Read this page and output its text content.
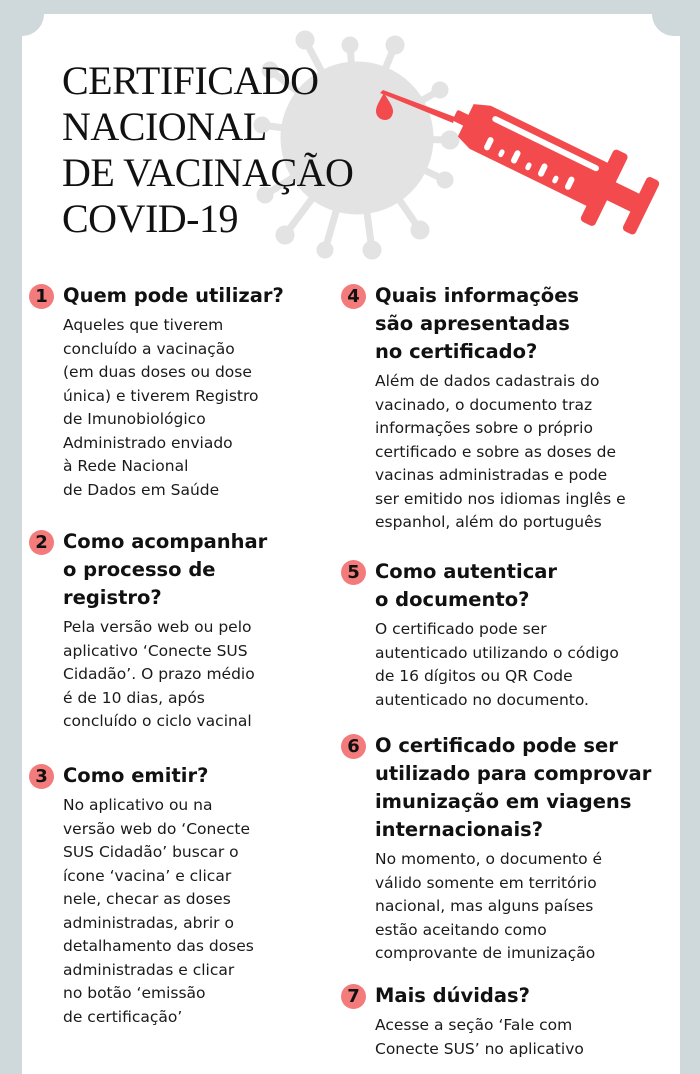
CERTIFICADO
NACIONAL
DE VACINAÇÃO
COVID-19
1 Quem pode utilizar?
Aqueles que tiverem
concluído a vacinação
(em duas doses ou dose
única) e tiverem Registro
de Imunobiológico
Administrado enviado
à Rede Nacional
de Dados em Saúde
2 Como acompanhar
o processo de
registro?
Pela versão web ou pelo
aplicativo ‘Conecte SUS
Cidadão’. O prazo médio
é de 10 dias, após
concluído o ciclo vacinal
3 Como emitir?
No aplicativo ou na
versão web do ‘Conecte
SUS Cidadão’ buscar o
ícone ‘vacina’ e clicar
nele, checar as doses
administradas, abrir o
detalhamento das doses
administradas e clicar
no botão ‘emissão
de certificação’
4 Quais informações
são apresentadas
no certificado?
Além de dados cadastrais do
vacinado, o documento traz
informações sobre o próprio
certificado e sobre as doses de
vacinas administradas e pode
ser emitido nos idiomas inglês e
espanhol, além do português
5 Como autenticar
o documento?
O certificado pode ser
autenticado utilizando o código
de 16 dígitos ou QR Code
autenticado no documento.
6 O certificado pode ser
utilizado para comprovar
imunização em viagens
internacionais?
No momento, o documento é
válido somente em território
nacional, mas alguns países
estão aceitando como
comprovante de imunização
7 Mais dúvidas?
Acesse a seção ‘Fale com
Conecte SUS’ no aplicativo
